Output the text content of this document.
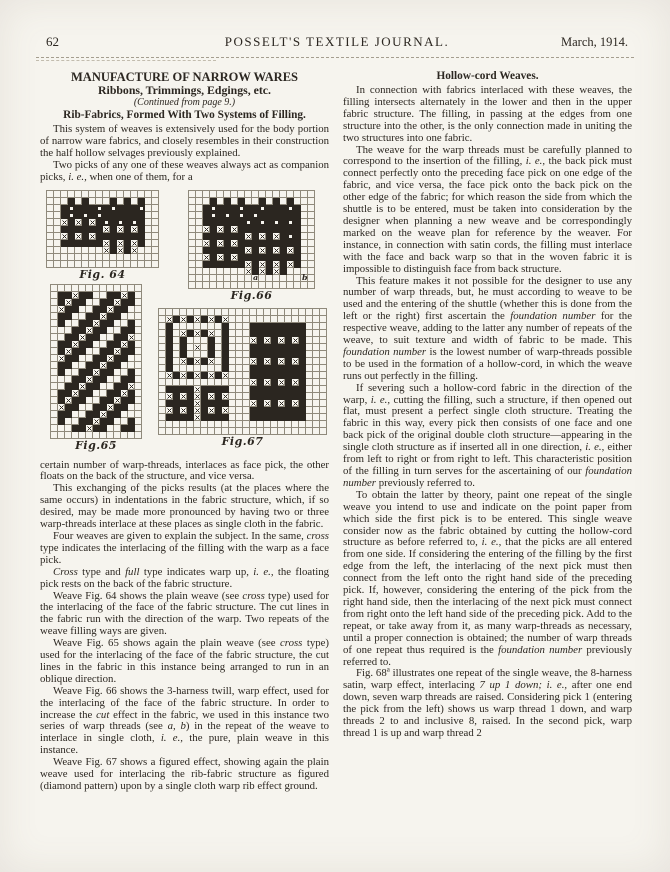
62	POSSELT'S TEXTILE JOURNAL.	March, 1914.
MANUFACTURE OF NARROW WARES
Ribbons, Trimmings, Edgings, etc.
(Continued from page 9.)
Rib-Fabrics, Formed With Two Systems of Filling.

This system of weaves is extensively used for the body portion of narrow ware fabrics, and closely resembles in their construction the half hollow selvages previously explained.

Two picks of any one of these weaves always act as companion picks, i. e., when one of them, for a

Fig. 64
Fig.66
Fig.65	Fig.67

certain number of warp-threads, interlaces as face pick, the other floats on the back of the structure, and vice versa.

This exchanging of the picks results (at the places where the same occurs) in indentations in the fabric structure, which, if so desired, may be made more pronounced by having two or three warp-threads interlace at these places as single cloth in the fabric.

Four weaves are given to explain the subject. In the same, cross type indicates the interlacing of the filling with the warp as a face pick.

Cross type and full type indicates warp up, i. e., the floating pick rests on the back of the fabric structure.

Weave Fig. 64 shows the plain weave (see cross type) used for the interlacing of the face of the fabric structure. The cut lines in the fabric run with the direction of the warp. Two repeats of the weave filling ways are given.

Weave Fig. 65 shows again the plain weave (see cross type) used for the interlacing of the face of the fabric structure, the cut lines in the fabric in this instance being arranged to run in an oblique direction.

Weave Fig. 66 shows the 3-harness twill, warp effect, used for the interlacing of the face of the fabric structure. In order to increase the cut effect in the fabric, we used in this instance two series of warp threads (see a, b) in the repeat of the weave to interlace in single cloth, i. e., the pure, plain weave in this instance.

Weave Fig. 67 shows a figured effect, showing again the plain weave used for interlacing the rib-fabric structure as figured (diamond pattern) upon by a single cloth warp rib effect ground.

Hollow-cord Weaves.

In connection with fabrics interlaced with these weaves, the filling intersects alternately in the lower and then in the upper fabric structure. The filling, in passing at the edges from one structure into the other, is the only connection made in uniting the two structures into one fabric.

The weave for the warp threads must be carefully planned to correspond to the insertion of the filling, i. e., the back pick must connect perfectly onto the preceding face pick on one edge of the fabric, and vice versa, the face pick onto the back pick on the other edge of the fabric; for which reason the side from which the shuttle is to be entered, must be taken into consideration by the designer when planning a new weave and be correspondingly marked on the weave plan for reference by the weaver. For instance, in connection with satin cords, the filling must interlace with the face and back warp so that in the woven fabric it is impossible to distinguish face from back structure.

This feature makes it not possible for the designer to use any number of warp threads, but, he must according to weave to be used and the entering of the shuttle (whether this is done from the left or the right) first ascertain the foundation number for the respective weave, adding to the latter any number of repeats of the weave, to suit texture and width of fabric to be made. This foundation number is the lowest number of warp-threads possible to be used in the formation of a hollow-cord, in which the weave runs out perfectly in the filling.

If severing such a hollow-cord fabric in the direction of the warp, i. e., cutting the filling, such a structure, if then opened out flat, must present a perfect single cloth structure. Treating the fabric in this way, every pick then consists of one face and one back pick of the original double cloth structure—appearing in the single cloth structure as if inserted all in one direction, i. e., either from left to right or from right to left. This characteristic position of the filling in turn serves for the ascertaining of our foundation number previously referred to.

To obtain the latter by theory, paint one repeat of the single weave you intend to use and indicate on the point paper from which side the first pick is to be entered. This single weave consider now as the fabric obtained by cutting the hollow-cord structure as before referred to, i. e., that the picks are all entered from one side. If considering the entering of the filling by the first edge from the left, the interlacing of the next pick must then connect from the left onto the right hand side of the preceding pick. If, however, considering the entering of the pick from the right hand side, then the interlacing of the next pick must connect from right onto the left hand side of the preceding pick. Add to the repeat, or take away from it, as many warp-threads as necessary, until a proper connection is obtained; the number of warp threads of one repeat thus required is the foundation number previously referred to.

Fig. 68$^a$ illustrates one repeat of the single weave, the 8-harness satin, warp effect, interlacing 7 up 1 down; i. e., after one end down, seven warp threads are raised. Considering pick 1 (entering the pick from the left) shows us warp thread 1 down, and warp threads 2 to and inclusive 8, raised. In the second pick, warp thread 1 is up and warp thread 2
